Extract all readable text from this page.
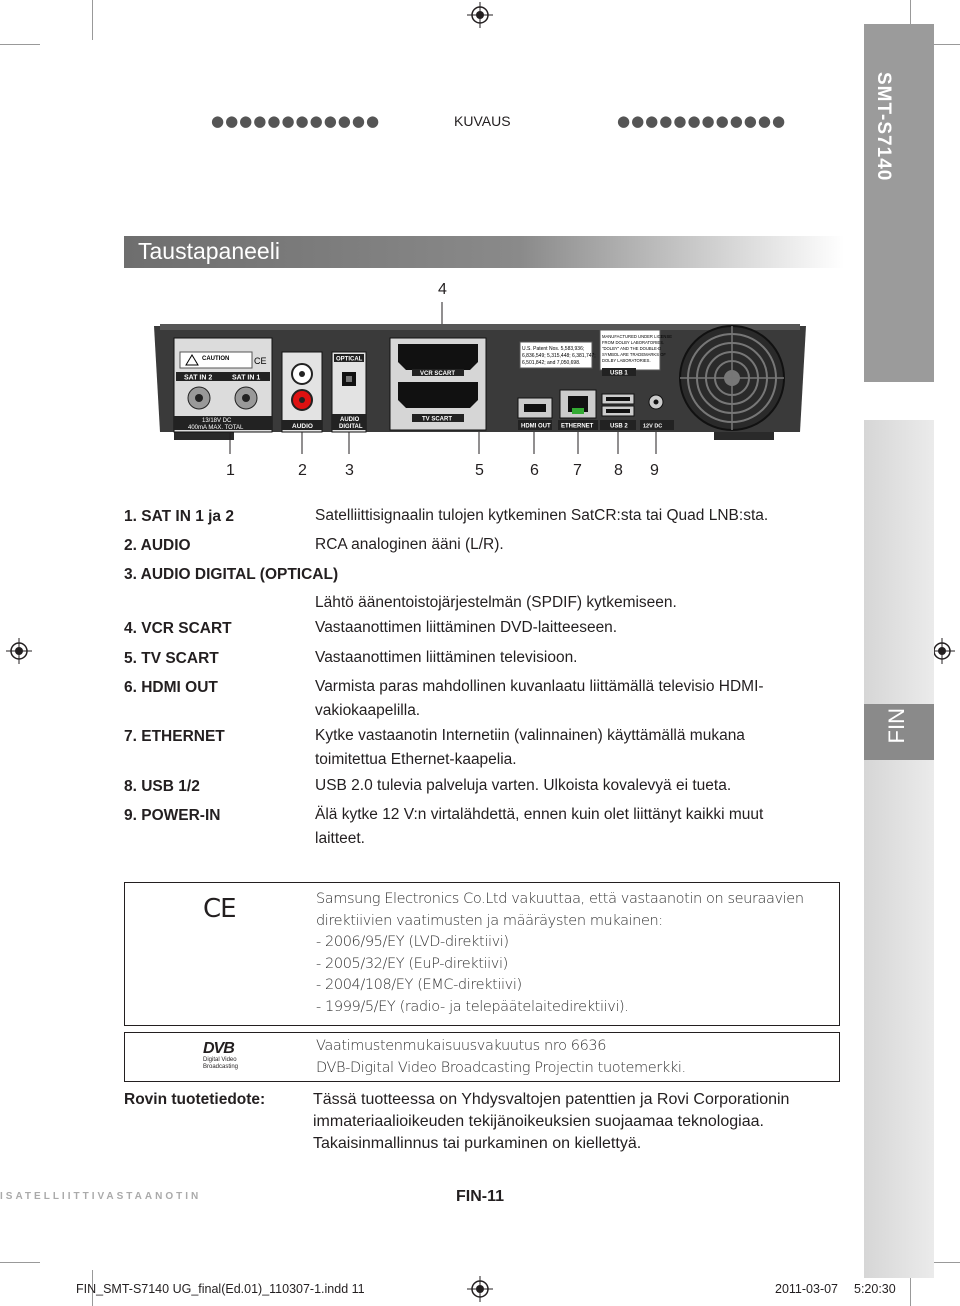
SMT-S7140
FIN
●●●●●●●●●●●●	KUVAUS	●●●●●●●●●●●●
Taustapaneeli
4
CAUTION	CE
SAT IN 2	SAT IN 1
13/18V DC
400mA MAX. TOTAL	AUDIO
OPTICAL
AUDIO
DIGITAL
VCR SCART
TV SCART
U.S. Patent Nos. 5,583,936;
6,836,549; 5,315,448; 6,381,747;
6,501,842; and 7,050,698.
HDMI OUT ETHERNET
MANUFACTURED UNDER LICENSE
FROM DOLBY LABORATORIES.
"DOLBY" AND THE DOUBLE-D
SYMBOL ARE TRADEMARKS OF
DOLBY LABORATORIES.
USB 1
USB 2	12V DC
1	2 3	5	6 7 8 9
1. SAT IN 1 ja 2	Satelliittisignaalin tulojen kytkeminen SatCR:sta tai Quad LNB:sta.
2. AUDIO	RCA analoginen ääni (L/R).
3. AUDIO DIGITAL (OPTICAL)
Lähtö äänentoistojärjestelmän (SPDIF) kytkemiseen.
4. VCR SCART	Vastaanottimen liittäminen DVD-laitteeseen.
5. TV SCART	Vastaanottimen liittäminen televisioon.
6. HDMI OUT	Varmista paras mahdollinen kuvanlaatu liittämällä televisio HDMI-vakiokaapelilla.
7. ETHERNET	Kytke vastaanotin Internetiin (valinnainen) käyttämällä mukana toimitettua Ethernet-kaapelia.
8. USB 1/2	USB 2.0 tulevia palveluja varten. Ulkoista kovalevyä ei tueta.
9. POWER-IN	Älä kytke 12 V:n virtalähdettä, ennen kuin olet liittänyt kaikki muut laitteet.
CE	Samsung Electronics Co.Ltd vakuuttaa, että vastaanotin on seuraavien
direktiivien vaatimusten ja määräysten mukainen:
- 2006/95/EY (LVD-direktiivi)
- 2005/32/EY (EuP-direktiivi)
- 2004/108/EY (EMC-direktiivi)
- 1999/5/EY (radio- ja telepäätelaitedirektiivi).
DVB
Digital Video
Broadcasting
Vaatimustenmukaisuusvakuutus nro 6636
DVB-Digital Video Broadcasting Projectin tuotemerkki.
Rovin tuotetiedote:	Tässä tuotteessa on Yhdysvaltojen patenttien ja Rovi Corporationin
immateriaalioikeuden tekijänoikeuksien suojaamaa teknologiaa.
Takaisinmallinnus tai purkaminen on kiellettyä.
ISATELLIITTIVASTAANOTIN	FIN-11
FIN_SMT-S7140 UG_final(Ed.01)_110307-1.indd 11	2011-03-07 5:20:30
